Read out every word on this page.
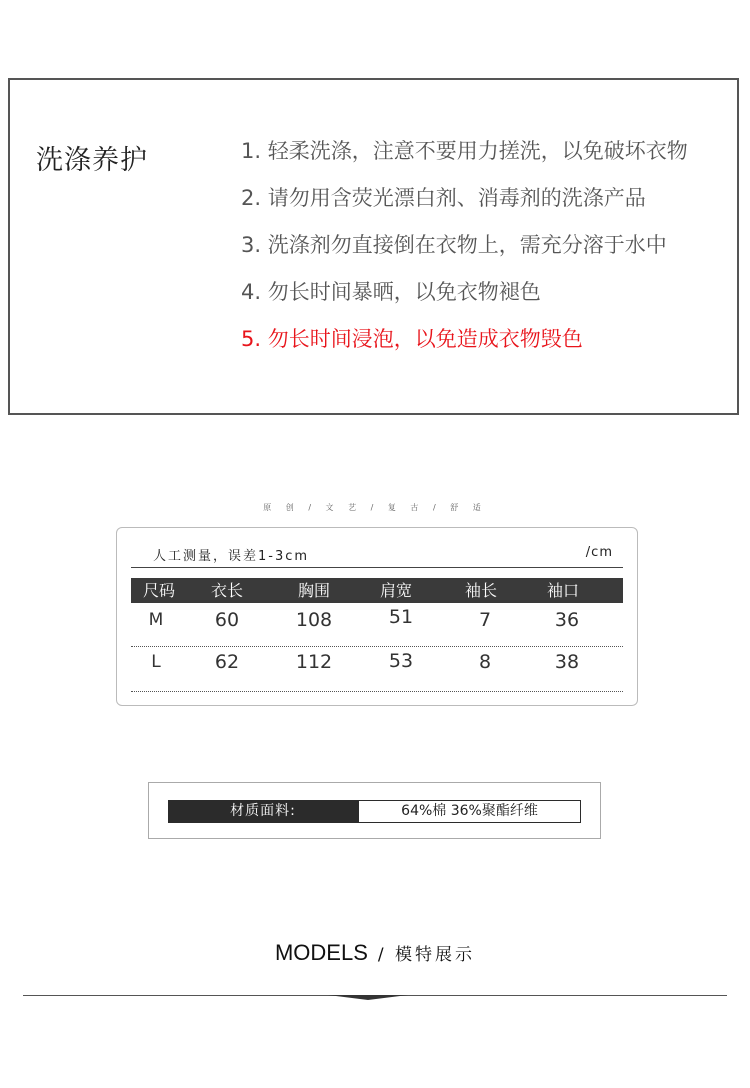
洗涤养护	1. 轻柔洗涤，注意不要用力搓洗，以免破坏衣物
2. 请勿用含荧光漂白剂、消毒剂的洗涤产品
3. 洗涤剂勿直接倒在衣物上，需充分溶于水中
4. 勿长时间暴晒，以免衣物褪色
5. 勿长时间浸泡，以免造成衣物毁色
原 创 / 文 艺 / 复 古 / 舒 适
人工测量，误差1-3cm	/cm
尺码	衣长	胸围	肩宽	袖长	袖口
M	60	108	51	7	36
L	62	112	53	8	38
材质面料:	64%棉 36%聚酯纤维
MODELS / 模特展示
